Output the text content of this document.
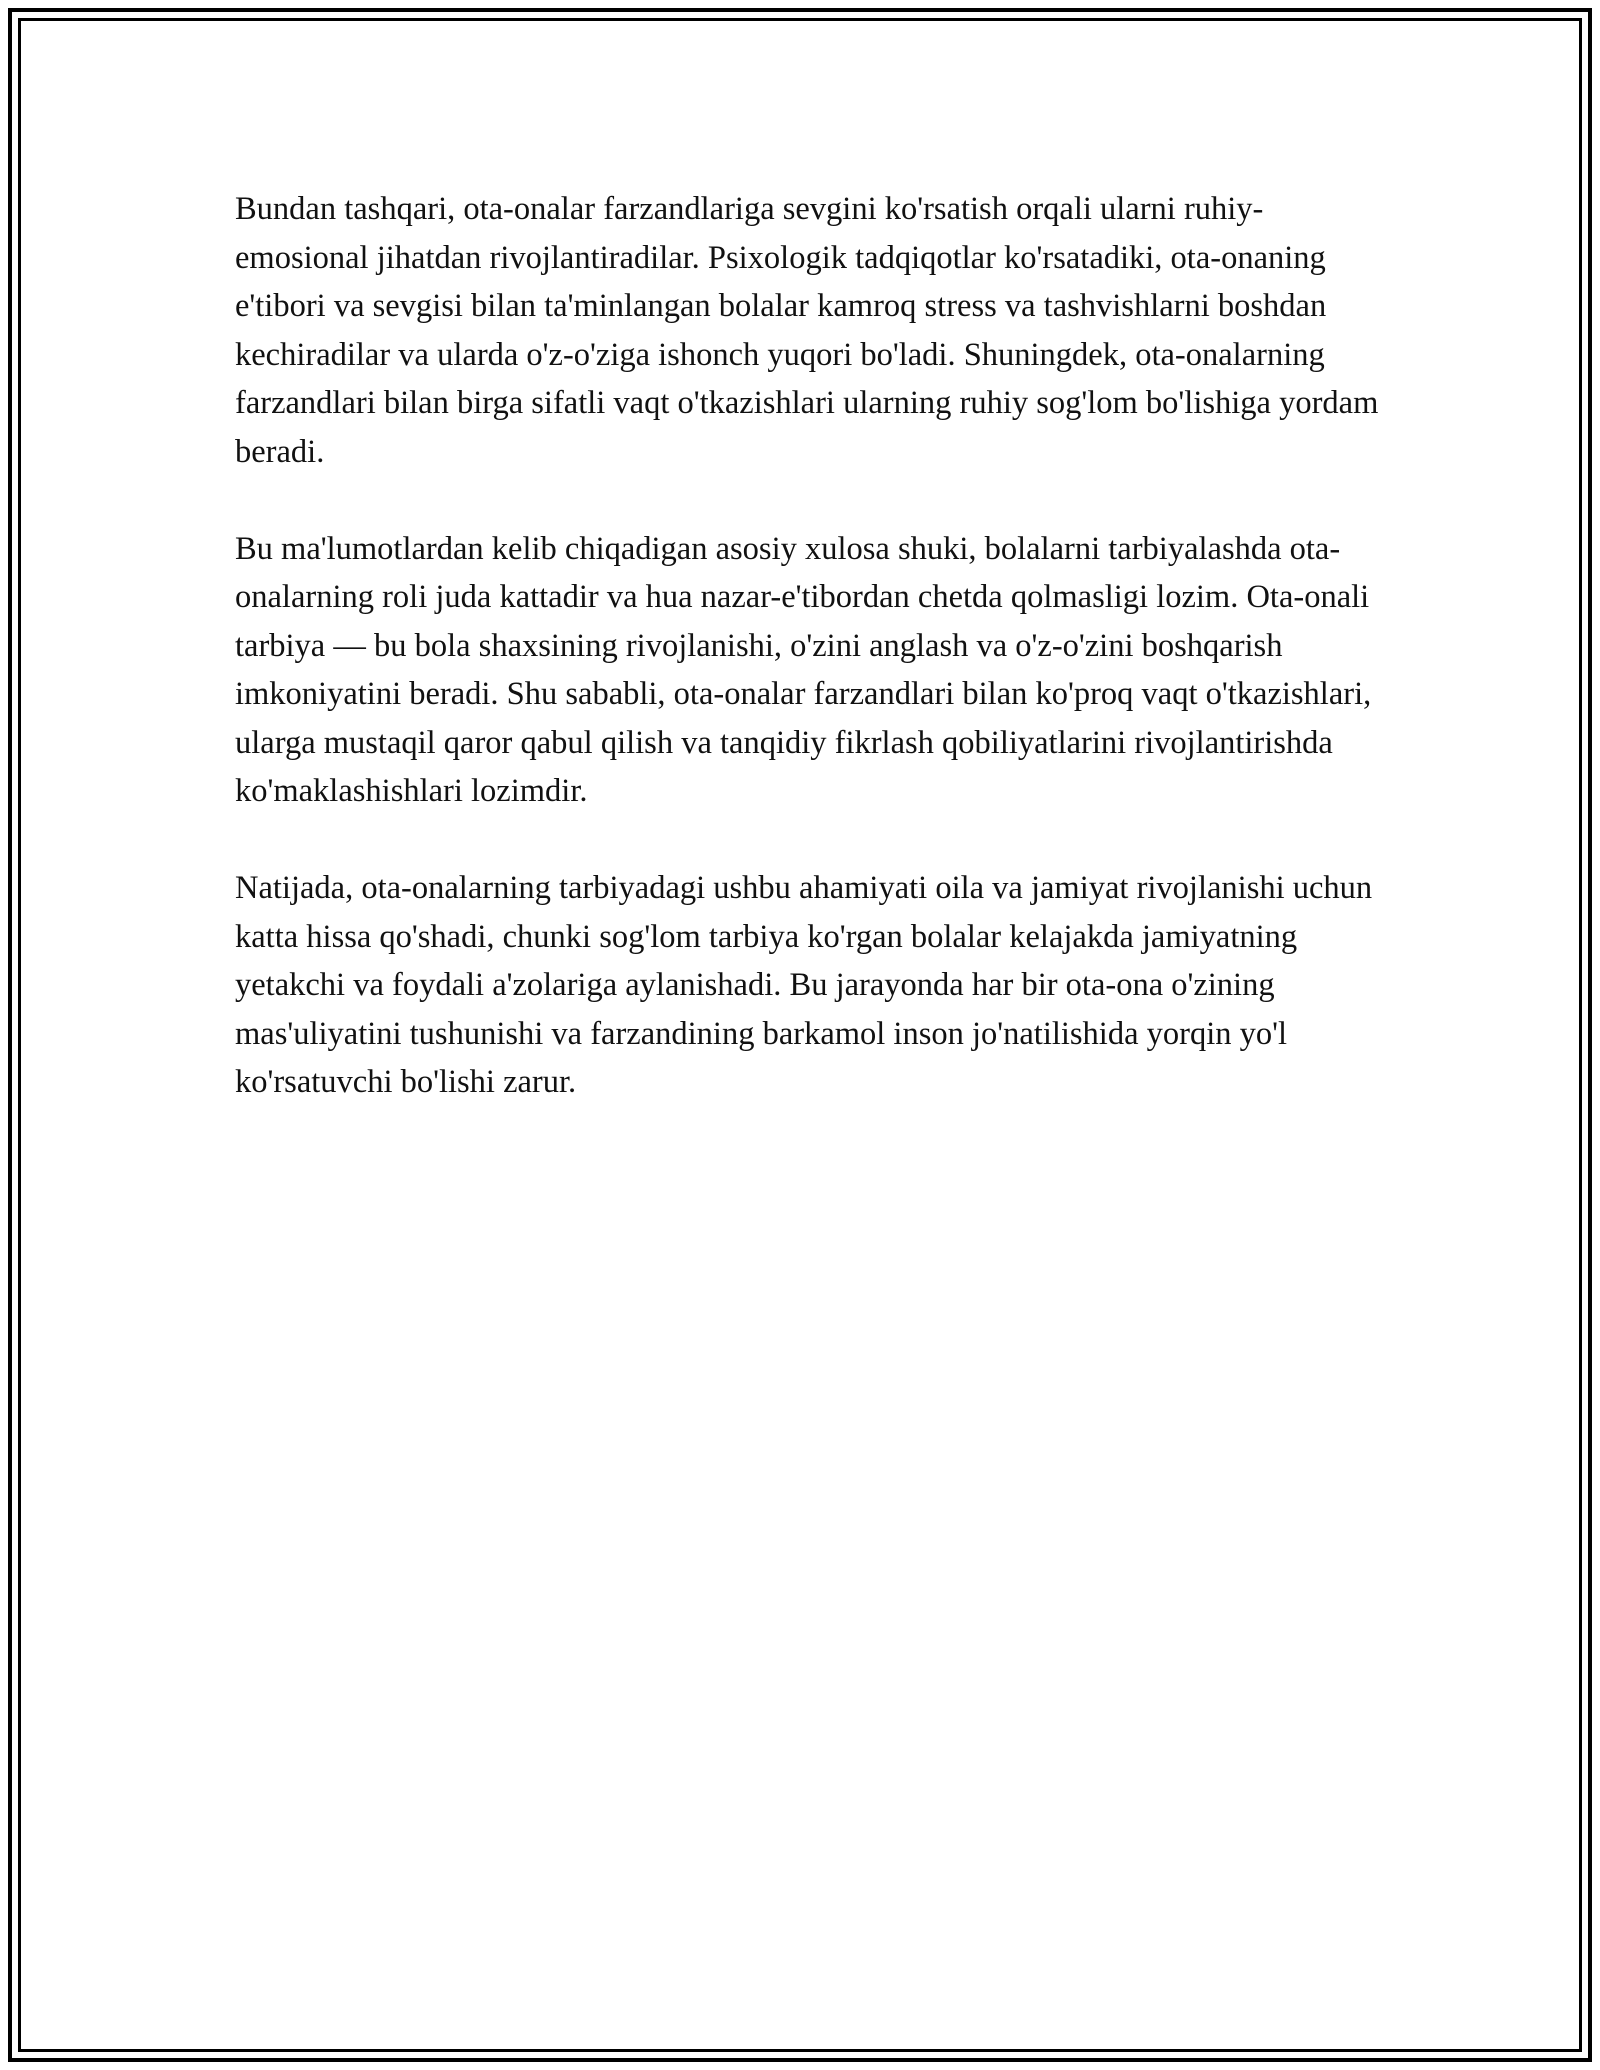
Bundan tashqari, ota-onalar farzandlariga sevgini ko'rsatish orqali ularni ruhiy-emosional jihatdan rivojlantiradilar. Psixologik tadqiqotlar ko'rsatadiki, ota-onaning e'tibori va sevgisi bilan ta'minlangan bolalar kamroq stress va tashvishlarni boshdan kechiradilar va ularda o'z-o'ziga ishonch yuqori bo'ladi. Shuningdek, ota-onalarning farzandlari bilan birga sifatli vaqt o'tkazishlari ularning ruhiy sog'lom bo'lishiga yordam beradi.

Bu ma'lumotlardan kelib chiqadigan asosiy xulosa shuki, bolalarni tarbiyalashda ota-onalarning roli juda kattadir va hua nazar-e'tibordan chetda qolmasligi lozim. Ota-onali tarbiya — bu bola shaxsining rivojlanishi, o'zini anglash va o'z-o'zini boshqarish imkoniyatini beradi. Shu sababli, ota-onalar farzandlari bilan ko'proq vaqt o'tkazishlari, ularga mustaqil qaror qabul qilish va tanqidiy fikrlash qobiliyatlarini rivojlantirishda ko'maklashishlari lozimdir.

Natijada, ota-onalarning tarbiyadagi ushbu ahamiyati oila va jamiyat rivojlanishi uchun katta hissa qo'shadi, chunki sog'lom tarbiya ko'rgan bolalar kelajakda jamiyatning yetakchi va foydali a'zolariga aylanishadi. Bu jarayonda har bir ota-ona o'zining mas'uliyatini tushunishi va farzandining barkamol inson jo'natilishida yorqin yo'l ko'rsatuvchi bo'lishi zarur.
